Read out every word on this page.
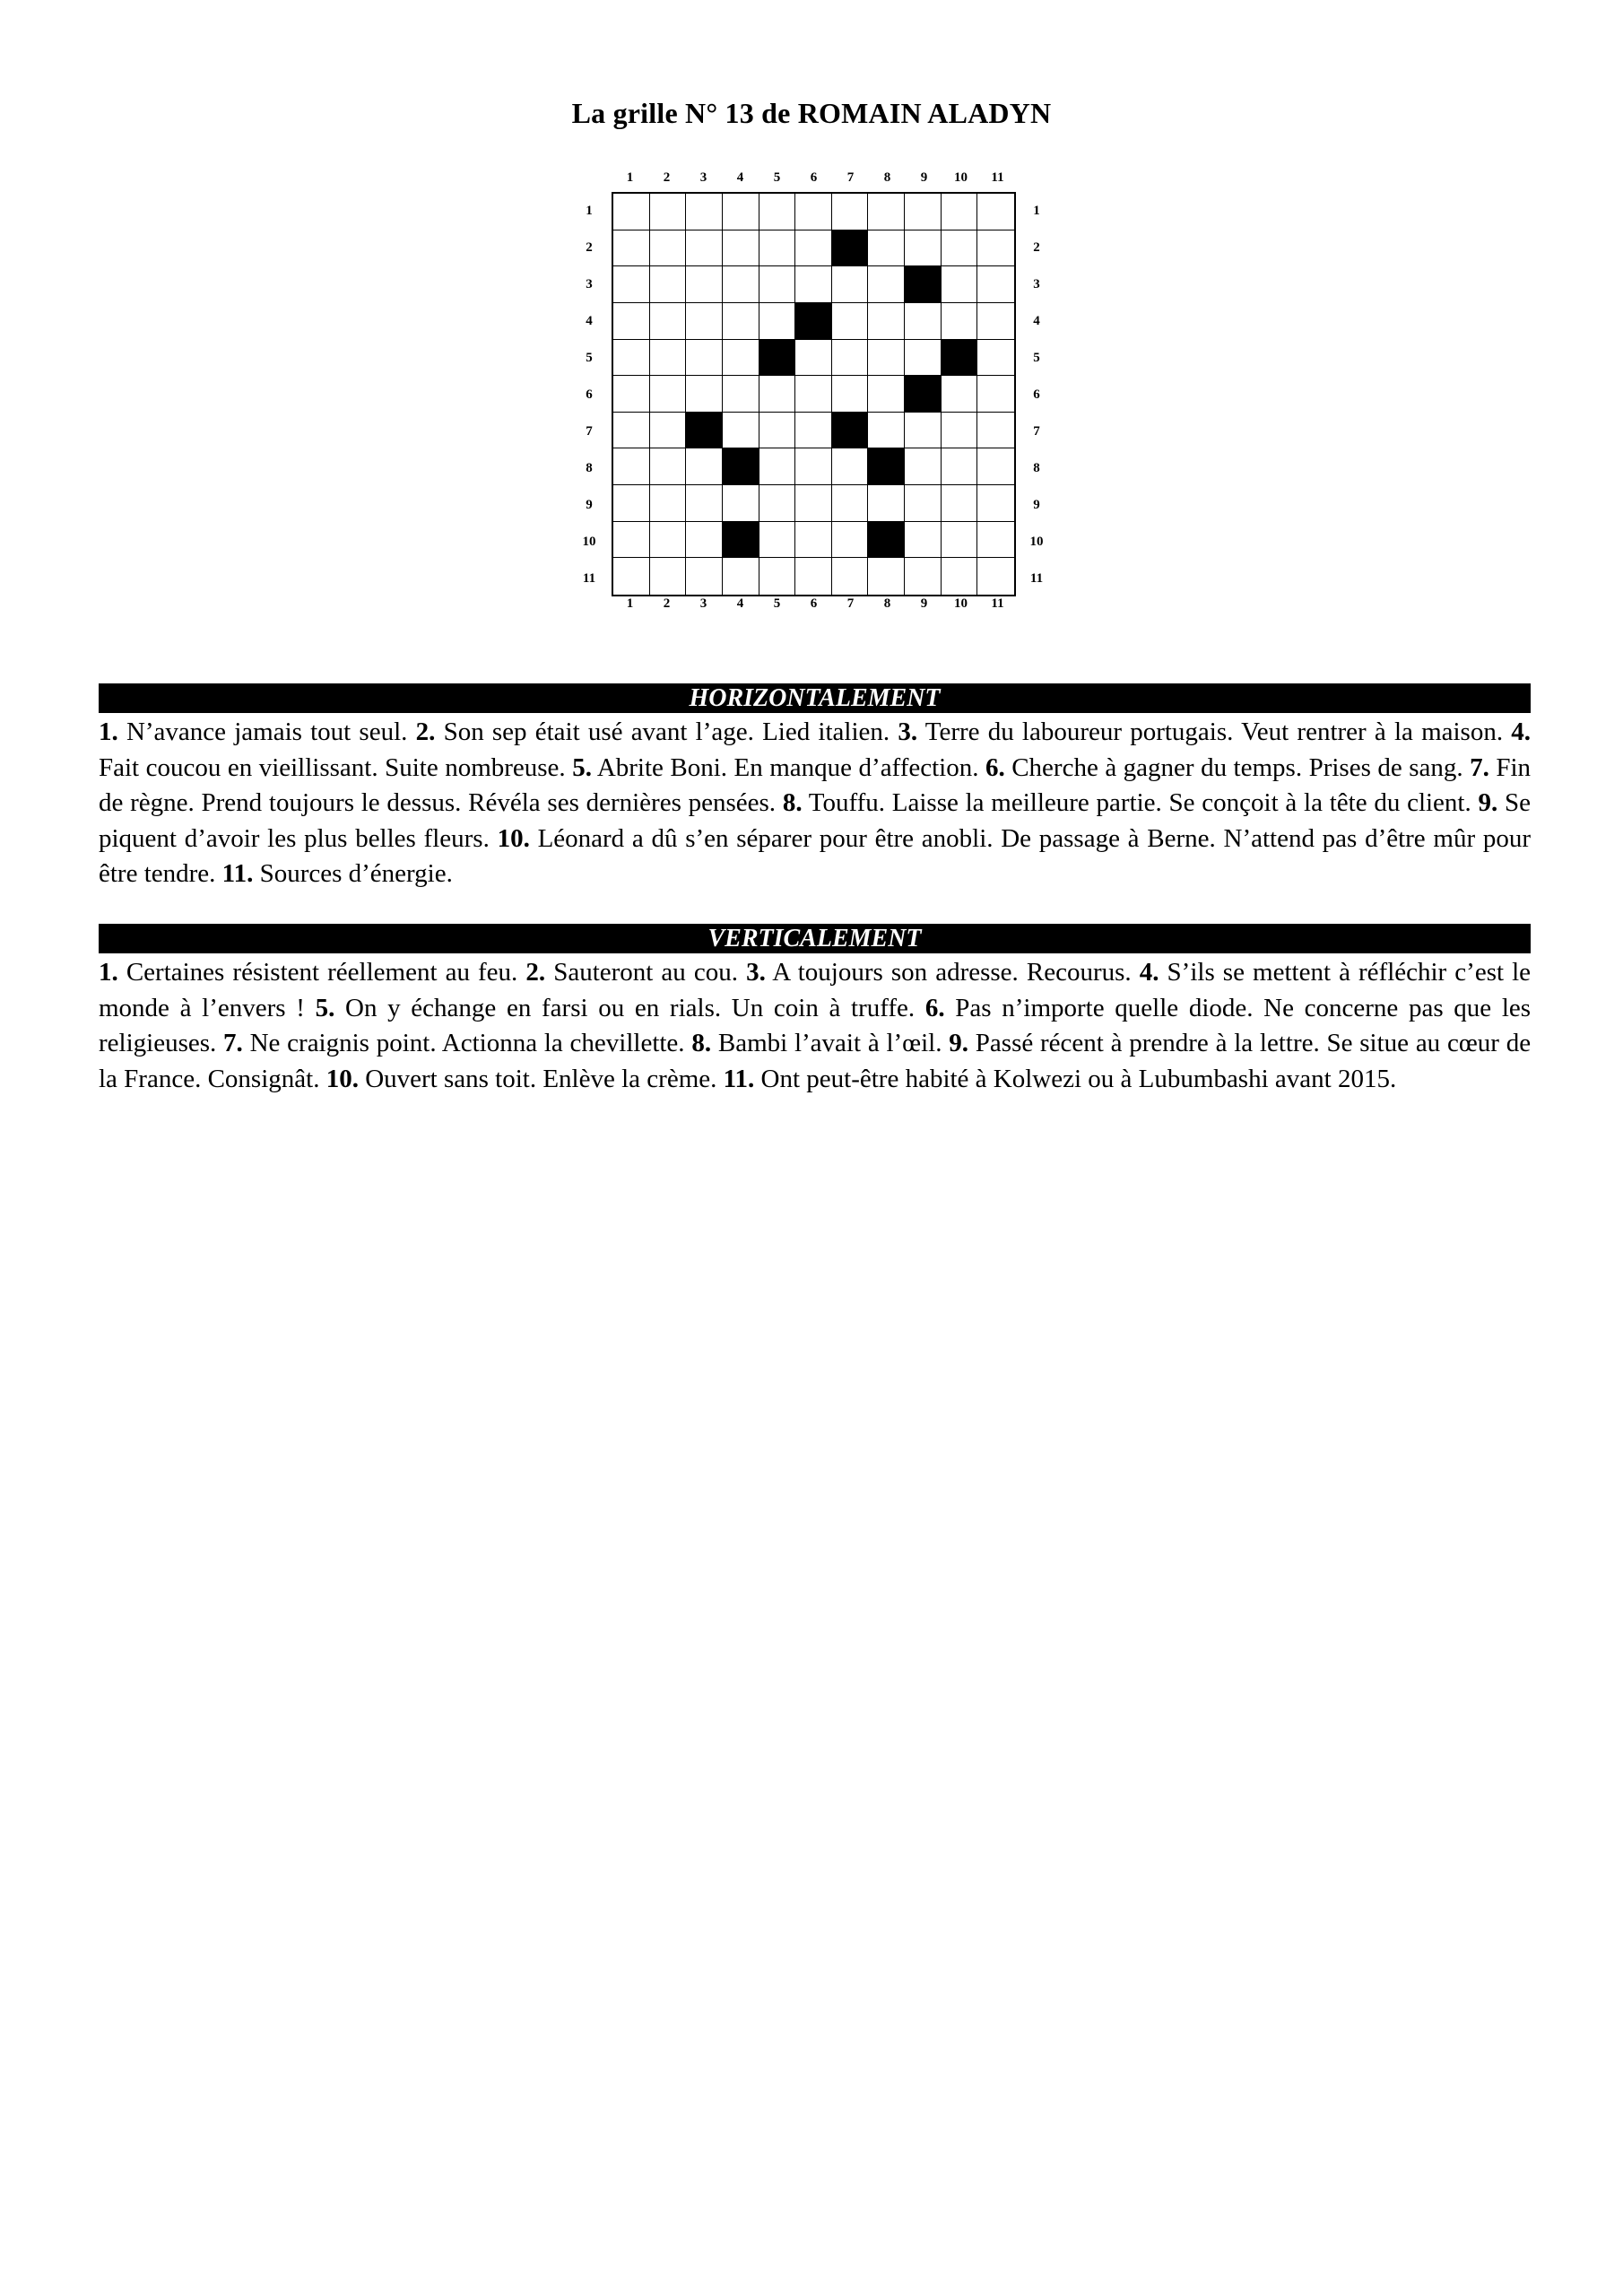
La grille N° 13 de ROMAIN ALADYN
1
1
2
2
3
3
4
4
5
5
6
6
7
7
8
8
9
9
10
10
11
11
1	1
2	2
3	3
4	4
5	5
6	6
7	7
8	8
9	9
10	10
11	11
HORIZONTALEMENT
1. N’avance jamais tout seul. 2. Son sep était usé avant l’age. Lied italien. 3. Terre du laboureur portugais. Veut rentrer à la maison. 4. Fait coucou en vieillissant. Suite nombreuse. 5. Abrite Boni. En manque d’affection. 6. Cherche à gagner du temps. Prises de sang. 7. Fin de règne. Prend toujours le dessus. Révéla ses dernières pensées. 8. Touffu. Laisse la meilleure partie. Se conçoit à la tête du client. 9. Se piquent d’avoir les plus belles fleurs. 10. Léonard a dû s’en séparer pour être anobli. De passage à Berne. N’attend pas d’être mûr pour être tendre. 11. Sources d’énergie.
VERTICALEMENT
1. Certaines résistent réellement au feu. 2. Sauteront au cou. 3. A toujours son adresse. Recourus. 4. S’ils se mettent à réfléchir c’est le monde à l’envers ! 5. On y échange en farsi ou en rials. Un coin à truffe. 6. Pas n’importe quelle diode. Ne concerne pas que les religieuses. 7. Ne craignis point. Actionna la chevillette. 8. Bambi l’avait à l’œil. 9. Passé récent à prendre à la lettre. Se situe au cœur de la France. Consignât. 10. Ouvert sans toit. Enlève la crème. 11. Ont peut-être habité à Kolwezi ou à Lubumbashi avant 2015.
